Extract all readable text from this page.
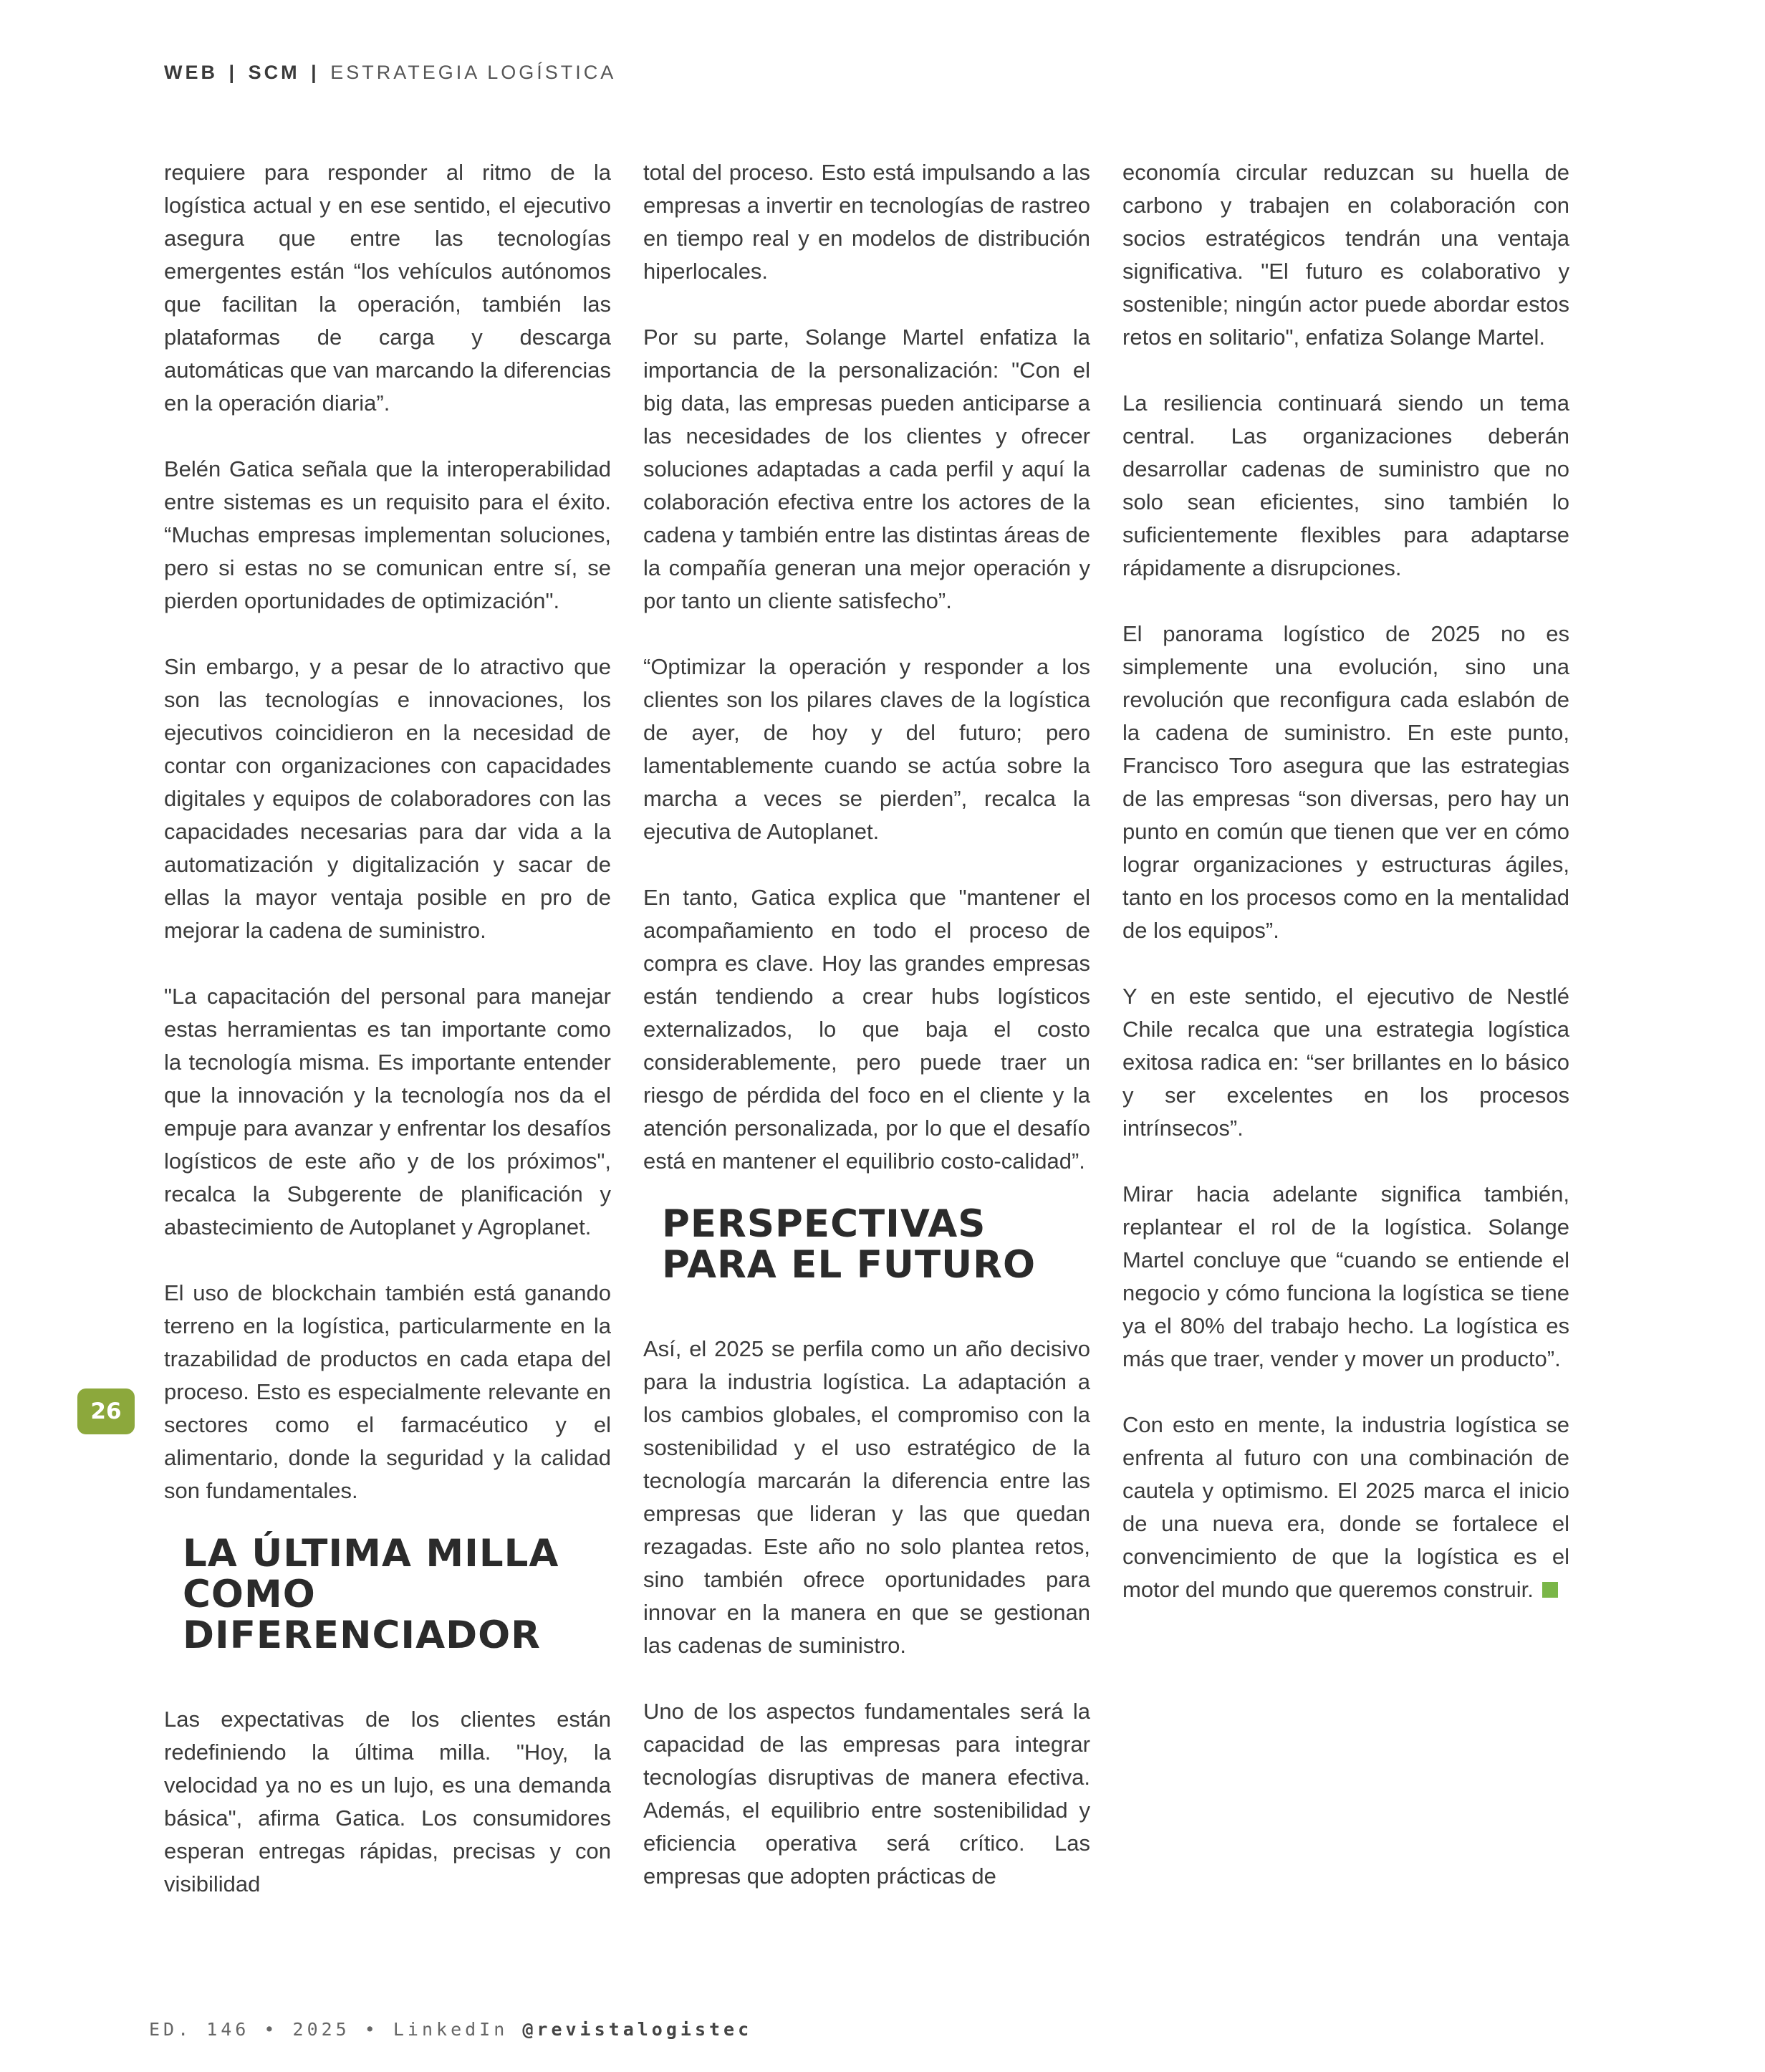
WEB | SCM | ESTRATEGIA LOGÍSTICA

requiere para responder al ritmo de la logística actual y en ese sentido, el ejecutivo asegura que entre las tecnologías emergentes están “los vehículos autónomos que facilitan la operación, también las plataformas de carga y descarga automáticas que van marcando la diferencias en la operación diaria”.

Belén Gatica señala que la interoperabilidad entre sistemas es un requisito para el éxito. “Muchas empresas implementan soluciones, pero si estas no se comunican entre sí, se pierden oportunidades de optimización".

Sin embargo, y a pesar de lo atractivo que son las tecnologías e innovaciones, los ejecutivos coincidieron en la necesidad de contar con organizaciones con capacidades digitales y equipos de colaboradores con las capacidades necesarias para dar vida a la automatización y digitalización y sacar de ellas la mayor ventaja posible en pro de mejorar la cadena de suministro.

"La capacitación del personal para manejar estas herramientas es tan importante como la tecnología misma. Es importante entender que la innovación y la tecnología nos da el empuje para avanzar y enfrentar los desafíos logísticos de este año y de los próximos", recalca la Subgerente de planificación y abastecimiento de Autoplanet y Agroplanet.

El uso de blockchain también está ganando terreno en la logística, particularmente en la trazabilidad de productos en cada etapa del proceso. Esto es especialmente relevante en sectores como el farmacéutico y el alimentario, donde la seguridad y la calidad son fundamentales.

LA ÚLTIMA MILLA COMO DIFERENCIADOR

Las expectativas de los clientes están redefiniendo la última milla. "Hoy, la velocidad ya no es un lujo, es una demanda básica", afirma Gatica. Los consumidores esperan entregas rápidas, precisas y con visibilidad

total del proceso. Esto está impulsando a las empresas a invertir en tecnologías de rastreo en tiempo real y en modelos de distribución hiperlocales.

Por su parte, Solange Martel enfatiza la importancia de la personalización: "Con el big data, las empresas pueden anticiparse a las necesidades de los clientes y ofrecer soluciones adaptadas a cada perfil y aquí la colaboración efectiva entre los actores de la cadena y también entre las distintas áreas de la compañía generan una mejor operación y por tanto un cliente satisfecho”.

“Optimizar la operación y responder a los clientes son los pilares claves de la logística de ayer, de hoy y del futuro; pero lamentablemente cuando se actúa sobre la marcha a veces se pierden”, recalca la ejecutiva de Autoplanet.

En tanto, Gatica explica que "mantener el acompañamiento en todo el proceso de compra es clave. Hoy las grandes empresas están tendiendo a crear hubs logísticos externalizados, lo que baja el costo considerablemente, pero puede traer un riesgo de pérdida del foco en el cliente y la atención personalizada, por lo que el desafío está en mantener el equilibrio costo-calidad”.

PERSPECTIVAS PARA EL FUTURO

Así, el 2025 se perfila como un año decisivo para la industria logística. La adaptación a los cambios globales, el compromiso con la sostenibilidad y el uso estratégico de la tecnología marcarán la diferencia entre las empresas que lideran y las que quedan rezagadas. Este año no solo plantea retos, sino también ofrece oportunidades para innovar en la manera en que se gestionan las cadenas de suministro.

Uno de los aspectos fundamentales será la capacidad de las empresas para integrar tecnologías disruptivas de manera efectiva. Además, el equilibrio entre sostenibilidad y eficiencia operativa será crítico. Las empresas que adopten prácticas de

economía circular reduzcan su huella de carbono y trabajen en colaboración con socios estratégicos tendrán una ventaja significativa. "El futuro es colaborativo y sostenible; ningún actor puede abordar estos retos en solitario", enfatiza Solange Martel.

La resiliencia continuará siendo un tema central. Las organizaciones deberán desarrollar cadenas de suministro que no solo sean eficientes, sino también lo suficientemente flexibles para adaptarse rápidamente a disrupciones.

El panorama logístico de 2025 no es simplemente una evolución, sino una revolución que reconfigura cada eslabón de la cadena de suministro. En este punto, Francisco Toro asegura que las estrategias de las empresas “son diversas, pero hay un punto en común que tienen que ver en cómo lograr organizaciones y estructuras ágiles, tanto en los procesos como en la mentalidad de los equipos”.

Y en este sentido, el ejecutivo de Nestlé Chile recalca que una estrategia logística exitosa radica en: “ser brillantes en lo básico y ser excelentes en los procesos intrínsecos”.

Mirar hacia adelante significa también, replantear el rol de la logística. Solange Martel concluye que “cuando se entiende el negocio y cómo funciona la logística se tiene ya el 80% del trabajo hecho. La logística es más que traer, vender y mover un producto”.

Con esto en mente, la industria logística se enfrenta al futuro con una combinación de cautela y optimismo. El 2025 marca el inicio de una nueva era, donde se fortalece el convencimiento de que la logística es el motor del mundo que queremos construir.

26
ED. 146 • 2025 • LinkedIn @revistalogistec
